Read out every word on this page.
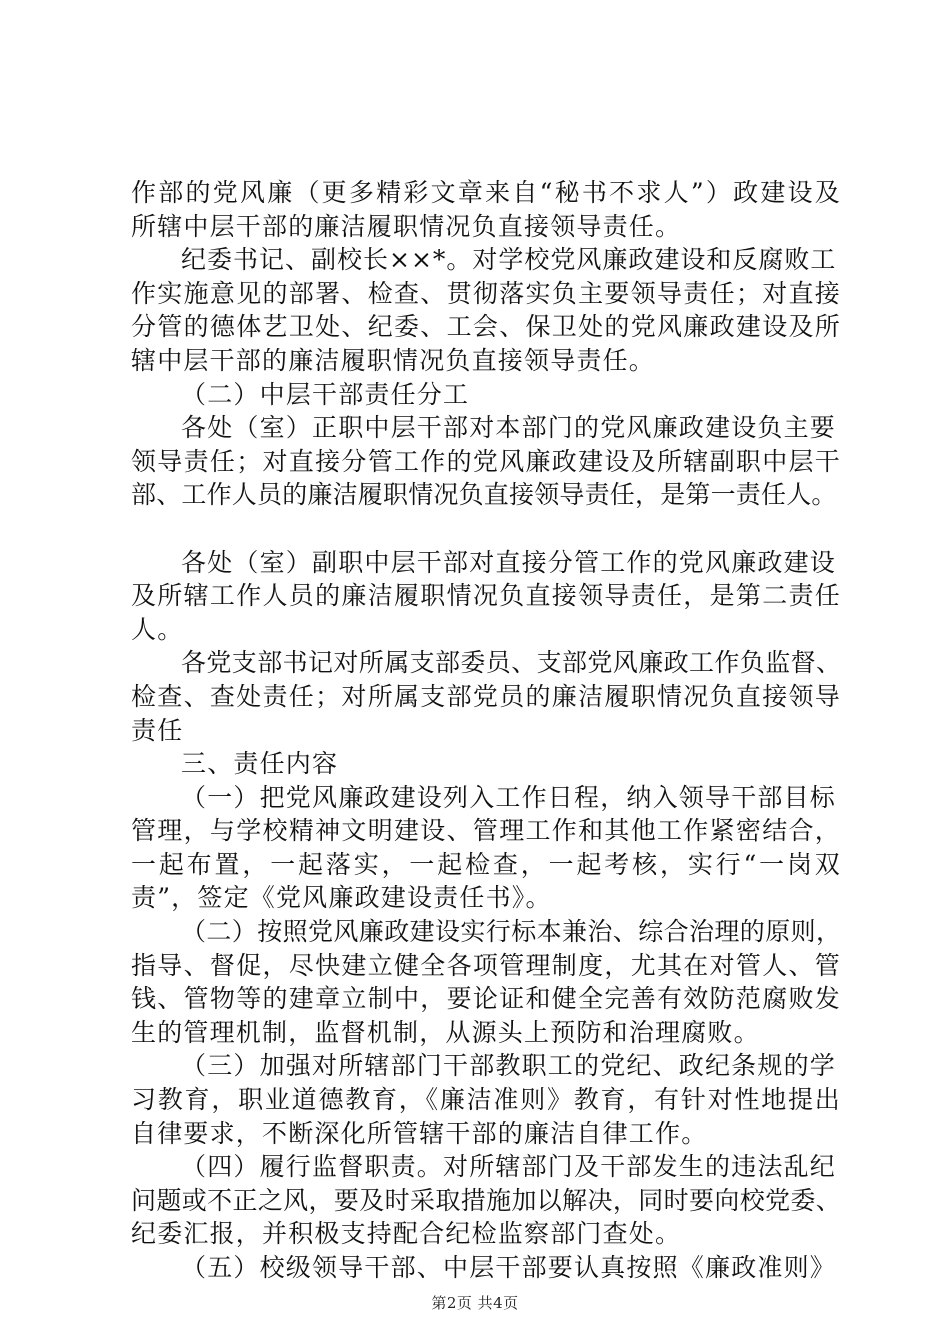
作部的党风廉（更多精彩文章来自“秘书不求人”）政建设及
所辖中层干部的廉洁履职情况负直接领导责任。
纪委书记、副校长××*。对学校党风廉政建设和反腐败工
作实施意见的部署、检查、贯彻落实负主要领导责任；对直接
分管的德体艺卫处、纪委、工会、保卫处的党风廉政建设及所
辖中层干部的廉洁履职情况负直接领导责任。
（二）中层干部责任分工
各处（室）正职中层干部对本部门的党风廉政建设负主要
领导责任；对直接分管工作的党风廉政建设及所辖副职中层干
部、工作人员的廉洁履职情况负直接领导责任，是第一责任人。
各处（室）副职中层干部对直接分管工作的党风廉政建设
及所辖工作人员的廉洁履职情况负直接领导责任，是第二责任
人。
各党支部书记对所属支部委员、支部党风廉政工作负监督、
检查、查处责任；对所属支部党员的廉洁履职情况负直接领导
责任
三、责任内容
（一）把党风廉政建设列入工作日程，纳入领导干部目标
管理，与学校精神文明建设、管理工作和其他工作紧密结合，
一起布置，一起落实，一起检查，一起考核，实行“一岗双
责”，签定《党风廉政建设责任书》。
（二）按照党风廉政建设实行标本兼治、综合治理的原则，
指导、督促，尽快建立健全各项管理制度，尤其在对管人、管
钱、管物等的建章立制中，要论证和健全完善有效防范腐败发
生的管理机制，监督机制，从源头上预防和治理腐败。
（三）加强对所辖部门干部教职工的党纪、政纪条规的学
习教育，职业道德教育，《廉洁准则》教育，有针对性地提出
自律要求，不断深化所管辖干部的廉洁自律工作。
（四）履行监督职责。对所辖部门及干部发生的违法乱纪
问题或不正之风，要及时采取措施加以解决，同时要向校党委、
纪委汇报，并积极支持配合纪检监察部门查处。
（五）校级领导干部、中层干部要认真按照《廉政准则》
第2页 共4页
